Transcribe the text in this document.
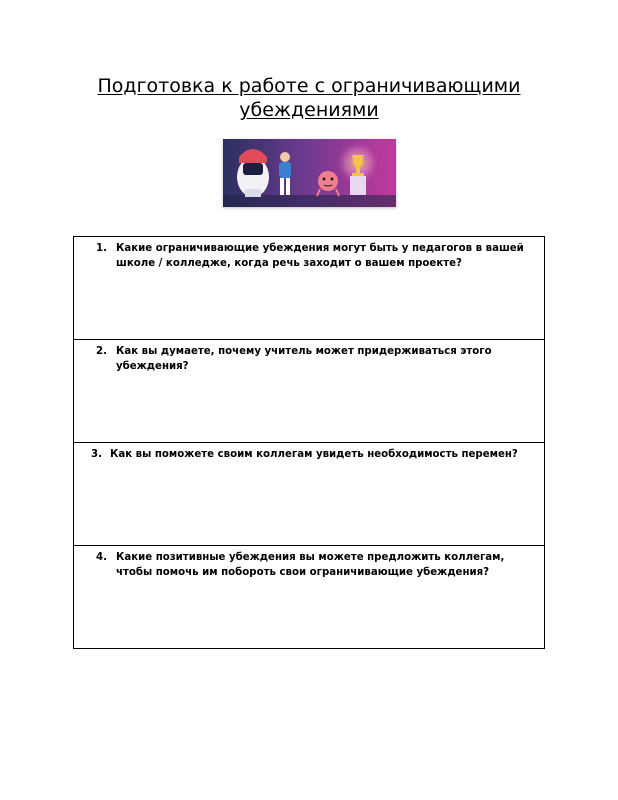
Подготовка к работе с ограничивающими
убеждениями
1. Какие ограничивающие убеждения могут быть у педагогов в вашей школе / колледже, когда речь заходит о вашем проекте?

2. Как вы думаете, почему учитель может придерживаться этого убеждения?

3. Как вы поможете своим коллегам увидеть необходимость перемен?

4. Какие позитивные убеждения вы можете предложить коллегам, чтобы помочь им побороть свои ограничивающие убеждения?
